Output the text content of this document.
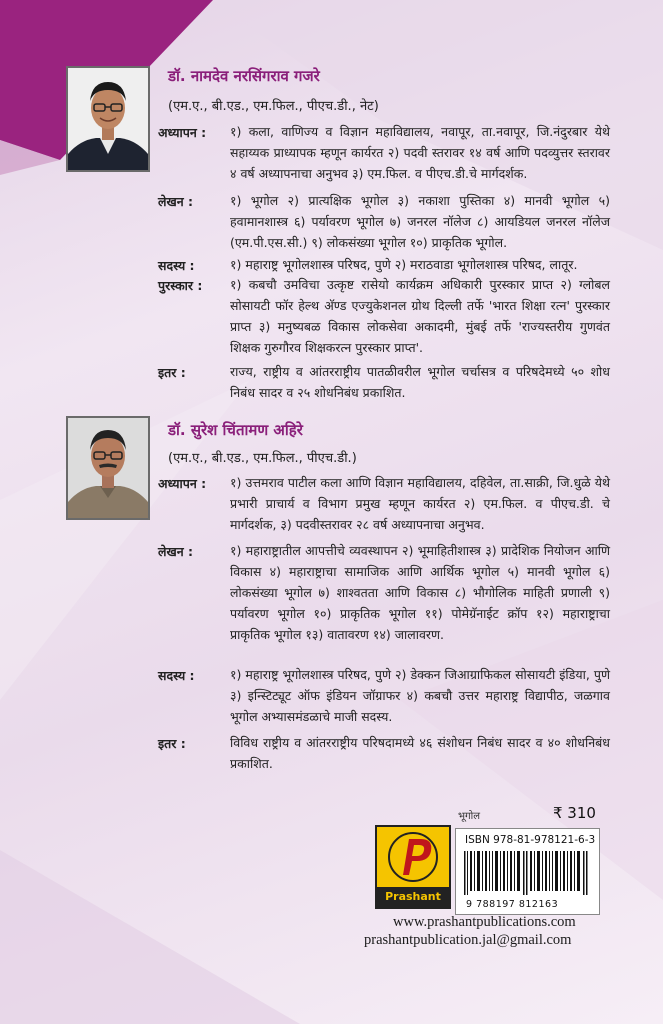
डॉ. नामदेव नरसिंगराव गजरे
(एम.ए., बी.एड., एम.फिल., पीएच.डी., नेट)
अध्यापन :	१) कला, वाणिज्य व विज्ञान महाविद्यालय, नवापूर, ता.नवापूर, जि.नंदुरबार येथे सहाय्यक प्राध्यापक म्हणून कार्यरत २) पदवी स्तरावर १४ वर्ष आणि पदव्युत्तर स्तरावर ४ वर्ष अध्यापनाचा अनुभव ३) एम.फिल. व पीएच.डी.चे मार्गदर्शक.
लेखन :	१) भूगोल २) प्रात्यक्षिक भूगोल ३) नकाशा पुस्तिका ४) मानवी भूगोल ५) हवामानशास्त्र ६) पर्यावरण भूगोल ७) जनरल नॉलेज ८) आयडियल जनरल नॉलेज (एम.पी.एस.सी.) ९) लोकसंख्या भूगोल १०) प्राकृतिक भूगोल.
सदस्य :	१) महाराष्ट्र भूगोलशास्त्र परिषद, पुणे २) मराठवाडा भूगोलशास्त्र परिषद, लातूर.
पुरस्कार :	१) कबचौ उमविचा उत्कृष्ट रासेयो कार्यक्रम अधिकारी पुरस्कार प्राप्त २) ग्लोबल सोसायटी फॉर हेल्थ अ‍ॅण्ड एज्युकेशनल ग्रोथ दिल्ली तर्फे 'भारत शिक्षा रत्न' पुरस्कार प्राप्त ३) मनुष्यबळ विकास लोकसेवा अकादमी, मुंबई तर्फे 'राज्यस्तरीय गुणवंत शिक्षक गुरुगौरव शिक्षकरत्न पुरस्कार प्राप्त'.
इतर :	राज्य, राष्ट्रीय व आंतरराष्ट्रीय पातळीवरील भूगोल चर्चासत्र व परिषदेमध्ये ५० शोध निबंध सादर व २५ शोधनिबंध प्रकाशित.
डॉ. सुरेश चिंतामण अहिरे
(एम.ए., बी.एड., एम.फिल., पीएच.डी.)
अध्यापन :	१) उत्तमराव पाटील कला आणि विज्ञान महाविद्यालय, दहिवेल, ता.साक्री, जि.धुळे येथे प्रभारी प्राचार्य व विभाग प्रमुख म्हणून कार्यरत २) एम.फिल. व पीएच.डी. चे मार्गदर्शक, ३) पदवीस्तरावर २८ वर्ष अध्यापनाचा अनुभव.
लेखन :	१) महाराष्ट्रातील आपत्तीचे व्यवस्थापन २) भूमाहितीशास्त्र ३) प्रादेशिक नियोजन आणि विकास ४) महाराष्ट्राचा सामाजिक आणि आर्थिक भूगोल ५) मानवी भूगोल ६) लोकसंख्या भूगोल ७) शाश्वतता आणि विकास ८) भौगोलिक माहिती प्रणाली ९) पर्यावरण भूगोल १०) प्राकृतिक भूगोल ११) पोमेग्रॅनाईट क्रॉप १२) महाराष्ट्राचा प्राकृतिक भूगोल १३) वातावरण १४) जालावरण.
सदस्य :	१) महाराष्ट्र भूगोलशास्त्र परिषद, पुणे २) डेक्कन जिआग्राफिकल सोसायटी इंडिया, पुणे ३) इन्स्टिट्यूट ऑफ इंडियन जॉग्राफर ४) कबचौ उत्तर महाराष्ट्र विद्यापीठ, जळगाव भूगोल अभ्यासमंडळाचे माजी सदस्य.
इतर :	विविध राष्ट्रीय व आंतरराष्ट्रीय परिषदामध्ये ४६ संशोधन निबंध सादर व ४० शोधनिबंध प्रकाशित.
Prashant
भूगोल	₹ 310
ISBN 978-81-978121-6-3
9 788197 812163
www.prashantpublications.com
prashantpublication.jal@gmail.com
